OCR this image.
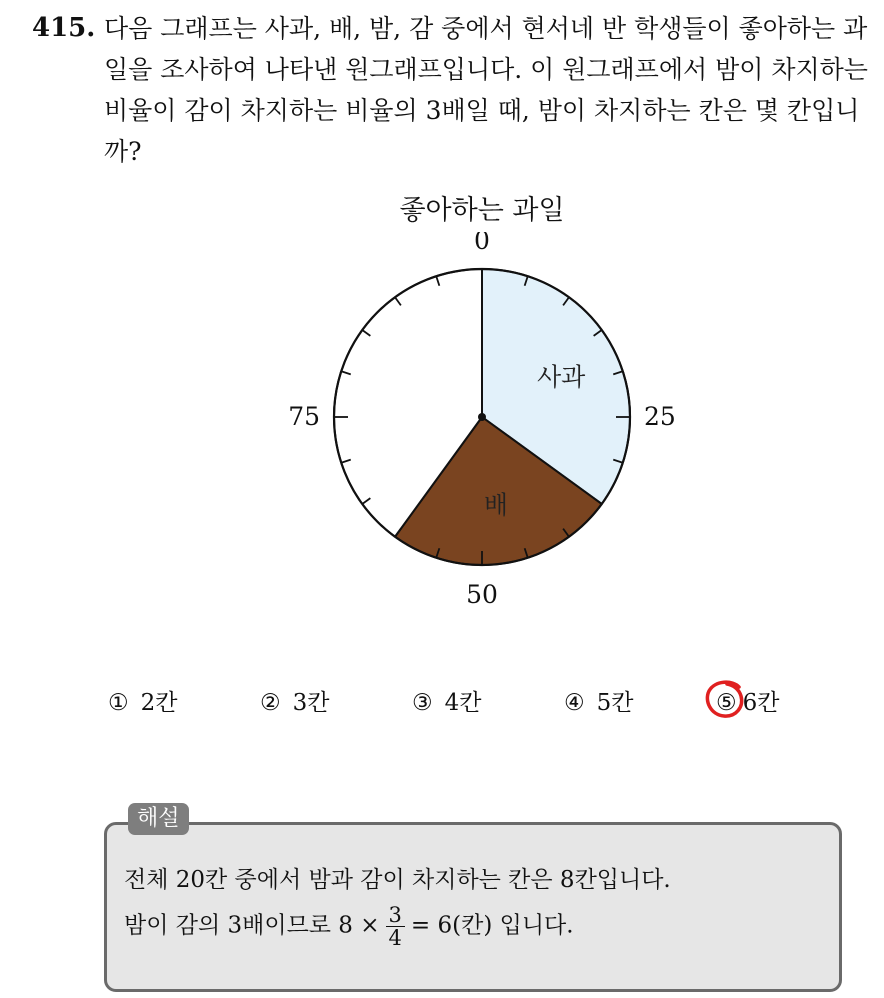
415. 다음 그래프는 사과, 배, 밤, 감 중에서 현서네 반 학생들이 좋아하는 과일을 조사하여 나타낸 원그래프입니다. 이 원그래프에서 밤이 차지하는 비율이 감이 차지하는 비율의 3배일 때, 밤이 차지하는 칸은 몇 칸입니까?
좋아하는 과일
사과
배
0
25
50
75
① 2칸	② 3칸	③ 4칸	④ 5칸	⑤ 6칸
해설
전체 20칸 중에서 밤과 감이 차지하는 칸은 8칸입니다.
밤이 감의 3배이므로 $8 \times \frac{3}{4} = 6$(칸) 입니다.
